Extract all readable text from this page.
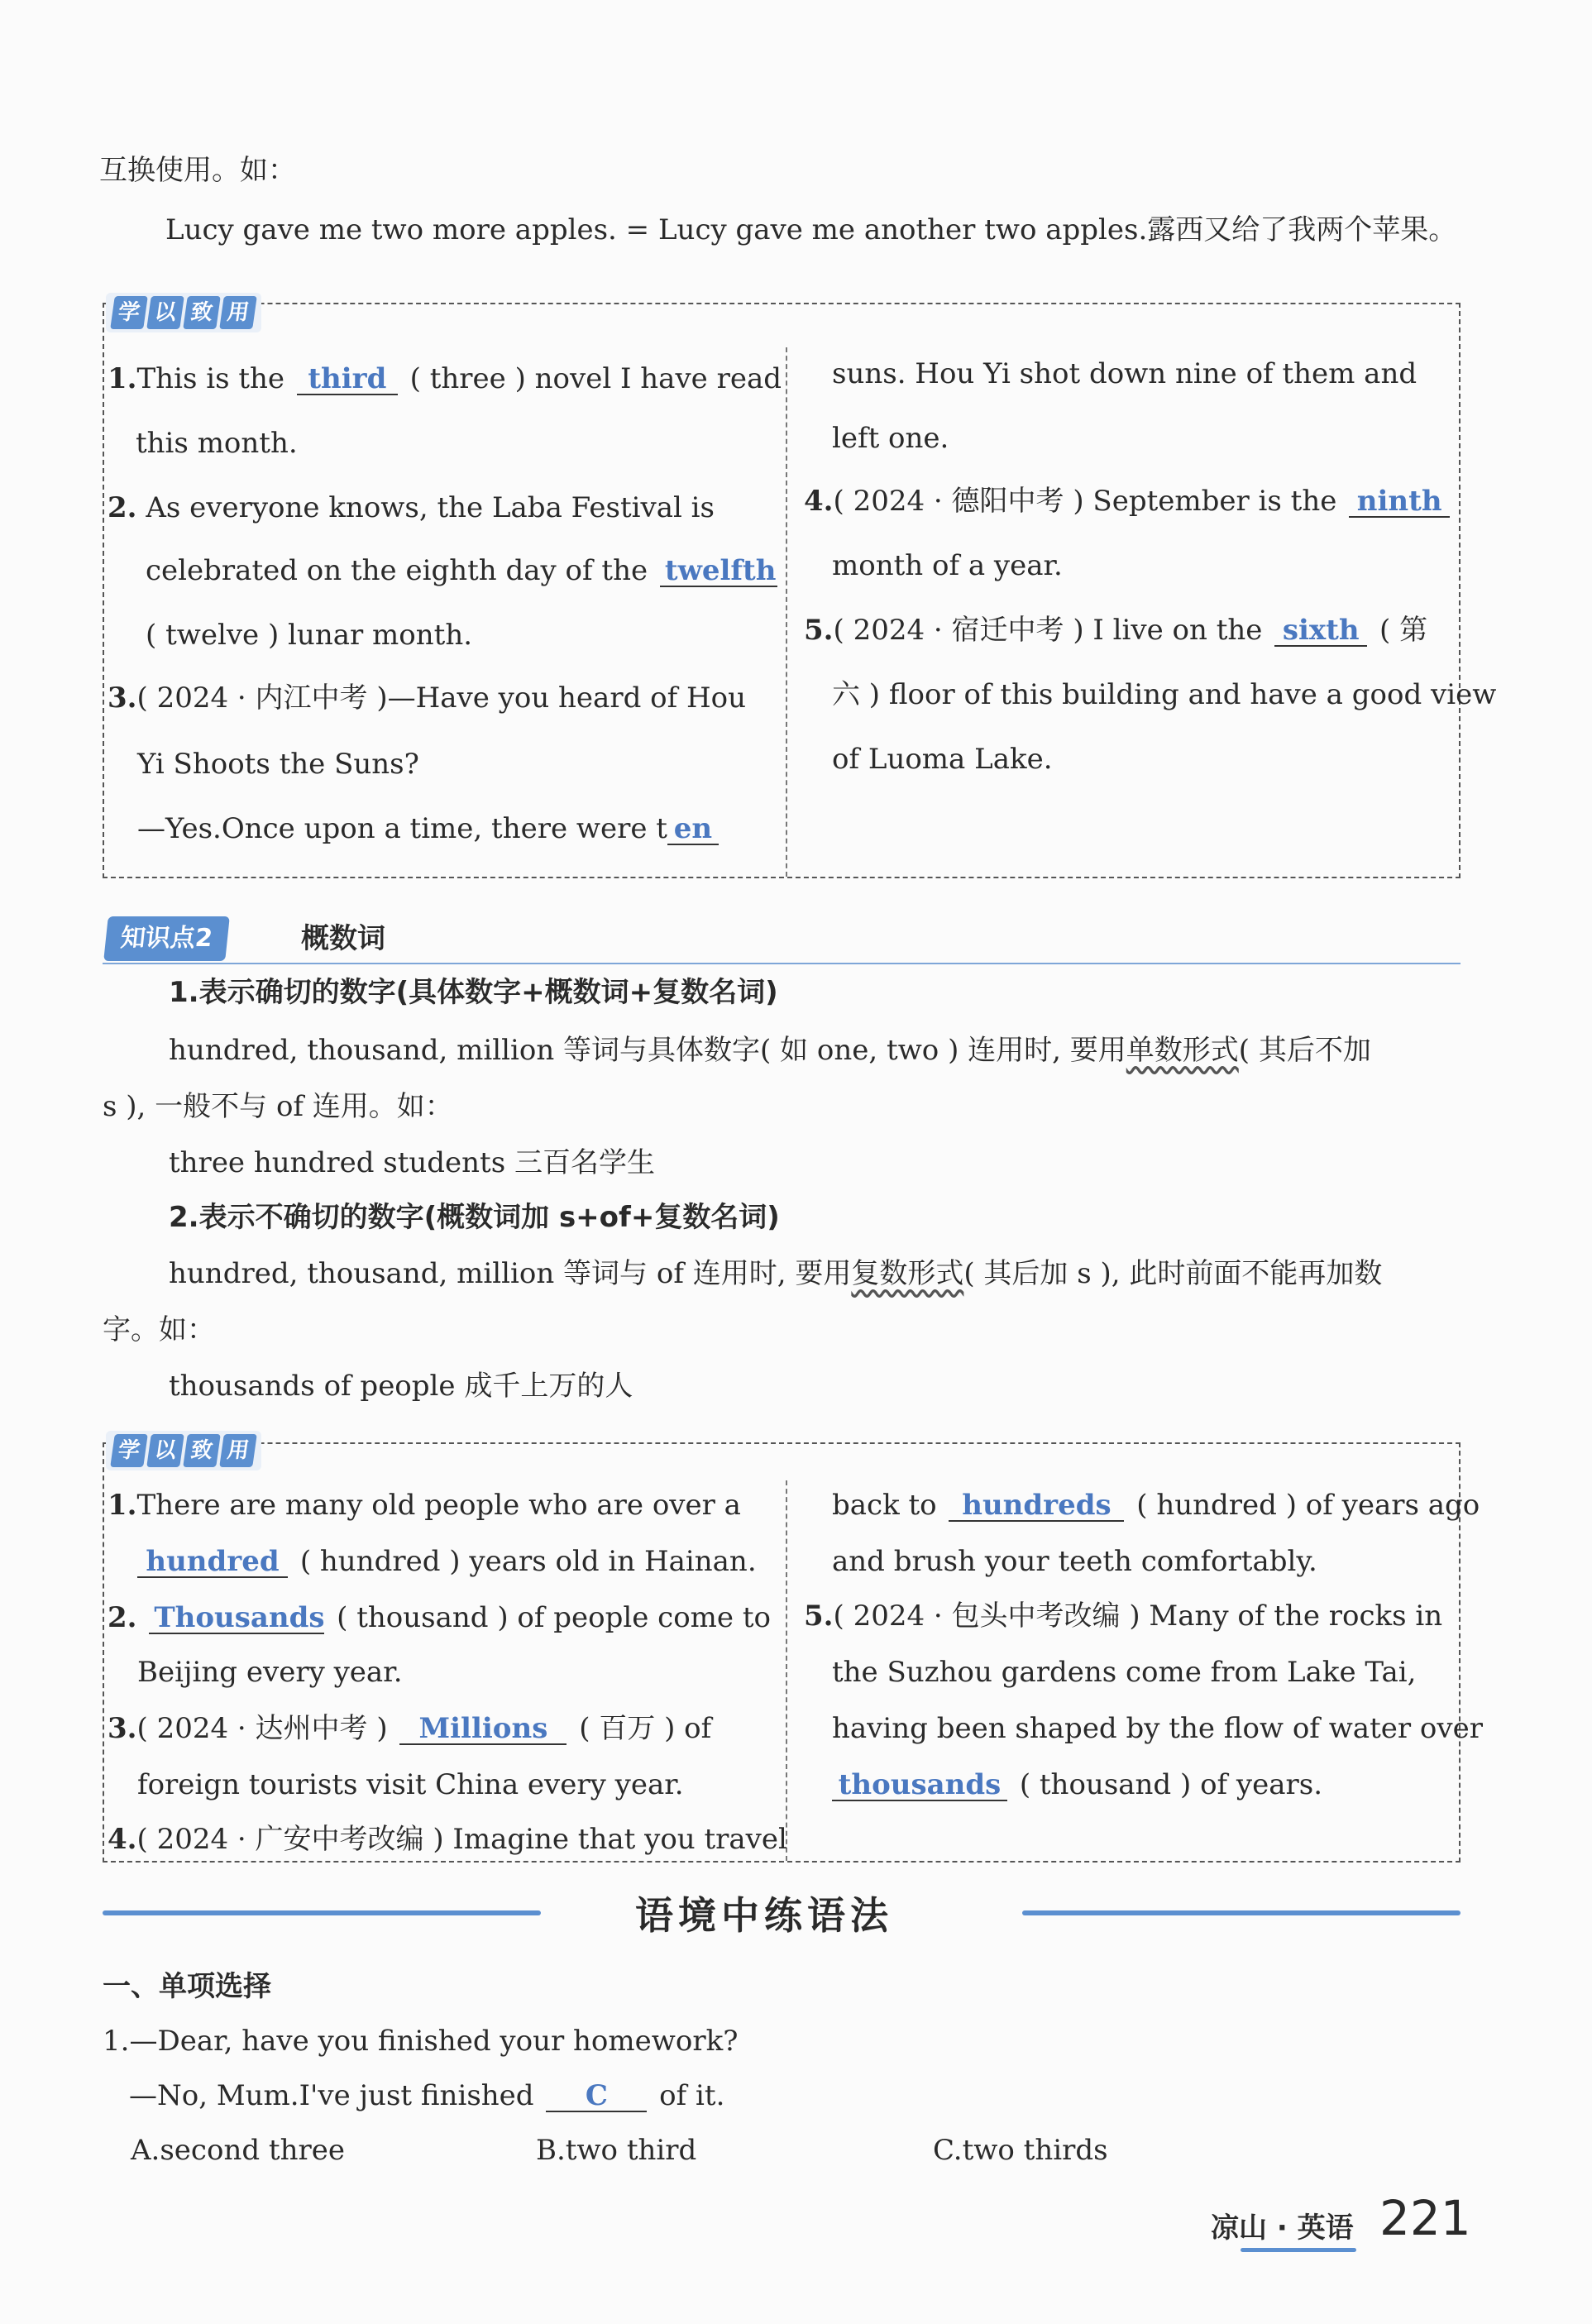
互换使用。如：
Lucy gave me two more apples. = Lucy gave me another two apples.露西又给了我两个苹果。
学 以 致 用
1.This is the third ( three ) novel I have read
this month.
2. As everyone knows, the Laba Festival is
celebrated on the eighth day of the twelfth
( twelve ) lunar month.
3.( 2024 · 内江中考 )—Have you heard of Hou
Yi Shoots the Suns?
—Yes.Once upon a time, there were t en
suns. Hou Yi shot down nine of them and
left one.
4.( 2024 · 德阳中考 ) September is the ninth
month of a year.
5.( 2024 · 宿迁中考 ) I live on the sixth ( 第
六 ) floor of this building and have a good view
of Luoma Lake.
知识点2	概数词
1.表示确切的数字(具体数字+概数词+复数名词)
hundred, thousand, million 等词与具体数字( 如 one, two ) 连用时, 要用单数形式( 其后不加
s ), 一般不与 of 连用。如：
three hundred students 三百名学生
2.表示不确切的数字(概数词加 s+of+复数名词)
hundred, thousand, million 等词与 of 连用时, 要用复数形式( 其后加 s ), 此时前面不能再加数
字。如：
thousands of people 成千上万的人
学 以 致 用
1.There are many old people who are over a
hundred ( hundred ) years old in Hainan.
2. Thousands ( thousand ) of people come to
Beijing every year.
3.( 2024 · 达州中考 ) Millions ( 百万 ) of
foreign tourists visit China every year.
4.( 2024 · 广安中考改编 ) Imagine that you travel
back to hundreds ( hundred ) of years ago
and brush your teeth comfortably.
5.( 2024 · 包头中考改编 ) Many of the rocks in
the Suzhou gardens come from Lake Tai,
having been shaped by the flow of water over
thousands ( thousand ) of years.
语境中练语法
一、单项选择
1.—Dear, have you finished your homework?
—No, Mum.I've just finished C of it.
A.second three	B.two third	C.two thirds
凉山 · 英语 221
